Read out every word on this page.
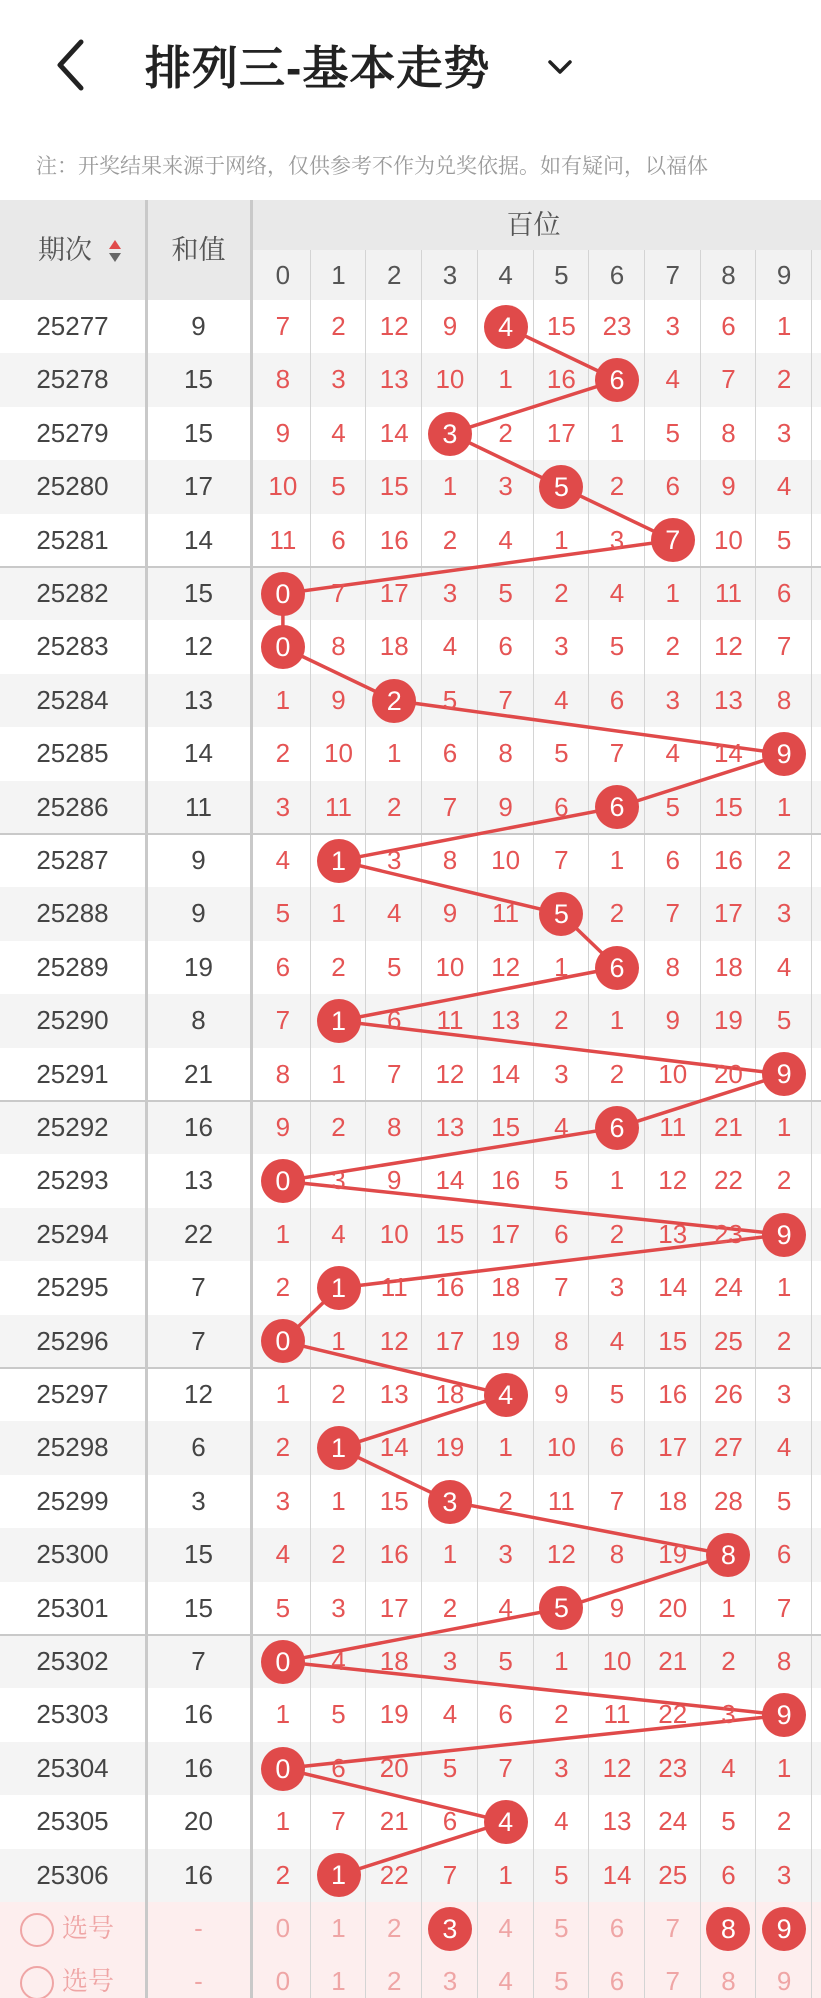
排列三-基本走势
注：开奖结果来源于网络，仅供参考不作为兑奖依据。如有疑问，以福体
期次	和值
百位
0	1	2	3	4	5	6	7	8	9
25277	9	7	2	12	9	4	15	23	3	6	1
25278	15	8	3	13	10	1	16	6	4	7	2
25279	15	9	4	14	3	2	17	1	5	8	3
25280	17	10	5	15	1	3	5	2	6	9	4
25281	14	11	6	16	2	4	1	3	7	10	5
25282	15	0	7	17	3	5	2	4	1	11	6
25283	12	0	8	18	4	6	3	5	2	12	7
25284	13	1	9	2	5	7	4	6	3	13	8
25285	14	2	10	1	6	8	5	7	4	14	9
25286	11	3	11	2	7	9	6	6	5	15	1
25287	9	4	1	3	8	10	7	1	6	16	2
25288	9	5	1	4	9	11	5	2	7	17	3
25289	19	6	2	5	10	12	1	6	8	18	4
25290	8	7	1	6	11	13	2	1	9	19	5
25291	21	8	1	7	12	14	3	2	10	20	9
25292	16	9	2	8	13	15	4	6	11	21	1
25293	13	0	3	9	14	16	5	1	12	22	2
25294	22	1	4	10	15	17	6	2	13	23	9
25295	7	2	1	11	16	18	7	3	14	24	1
25296	7	0	1	12	17	19	8	4	15	25	2
25297	12	1	2	13	18	4	9	5	16	26	3
25298	6	2	1	14	19	1	10	6	17	27	4
25299	3	3	1	15	3	2	11	7	18	28	5
25300	15	4	2	16	1	3	12	8	19	8	6
25301	15	5	3	17	2	4	5	9	20	1	7
25302	7	0	4	18	3	5	1	10	21	2	8
25303	16	1	5	19	4	6	2	11	22	3	9
25304	16	0	6	20	5	7	3	12	23	4	1
25305	20	1	7	21	6	4	4	13	24	5	2
25306	16	2	1	22	7	1	5	14	25	6	3
选号	-	0	1	2	3	4	5	6	7	8	9
选号	-	0	1	2	3	4	5	6	7	8	9
